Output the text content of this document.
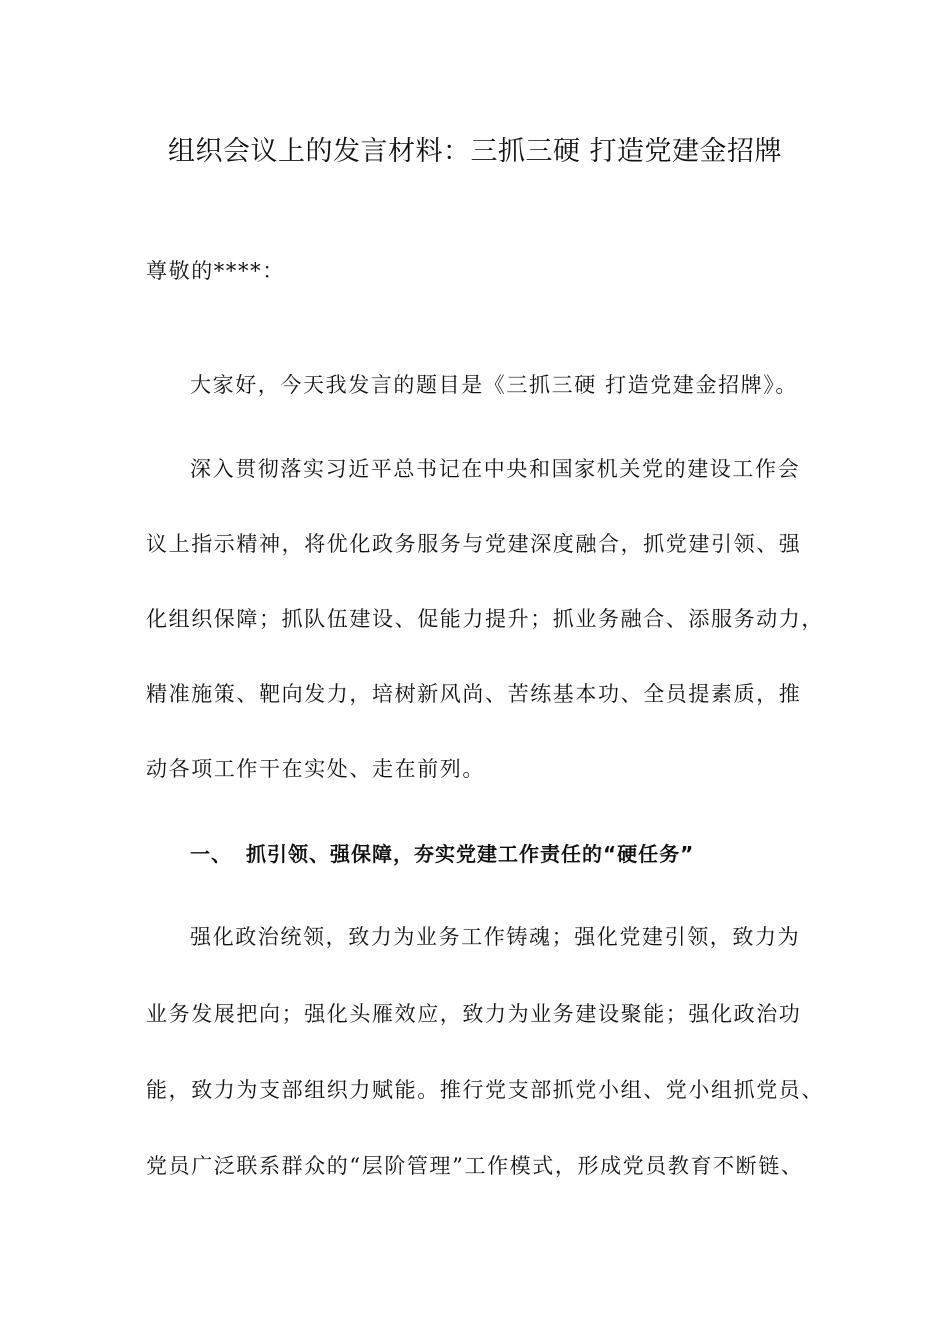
组织会议上的发言材料：三抓三硬 打造党建金招牌
尊敬的****：
大家好，今天我发言的题目是《三抓三硬 打造党建金招牌》。
深入贯彻落实习近平总书记在中央和国家机关党的建设工作会
议上指示精神，将优化政务服务与党建深度融合，抓党建引领、强
化组织保障；抓队伍建设、促能力提升；抓业务融合、添服务动力，
精准施策、靶向发力，培树新风尚、苦练基本功、全员提素质，推
动各项工作干在实处、走在前列。
一、 抓引领、强保障，夯实党建工作责任的“硬任务”
强化政治统领，致力为业务工作铸魂；强化党建引领，致力为
业务发展把向；强化头雁效应，致力为业务建设聚能；强化政治功
能，致力为支部组织力赋能。推行党支部抓党小组、党小组抓党员、
党员广泛联系群众的“层阶管理”工作模式，形成党员教育不断链、
